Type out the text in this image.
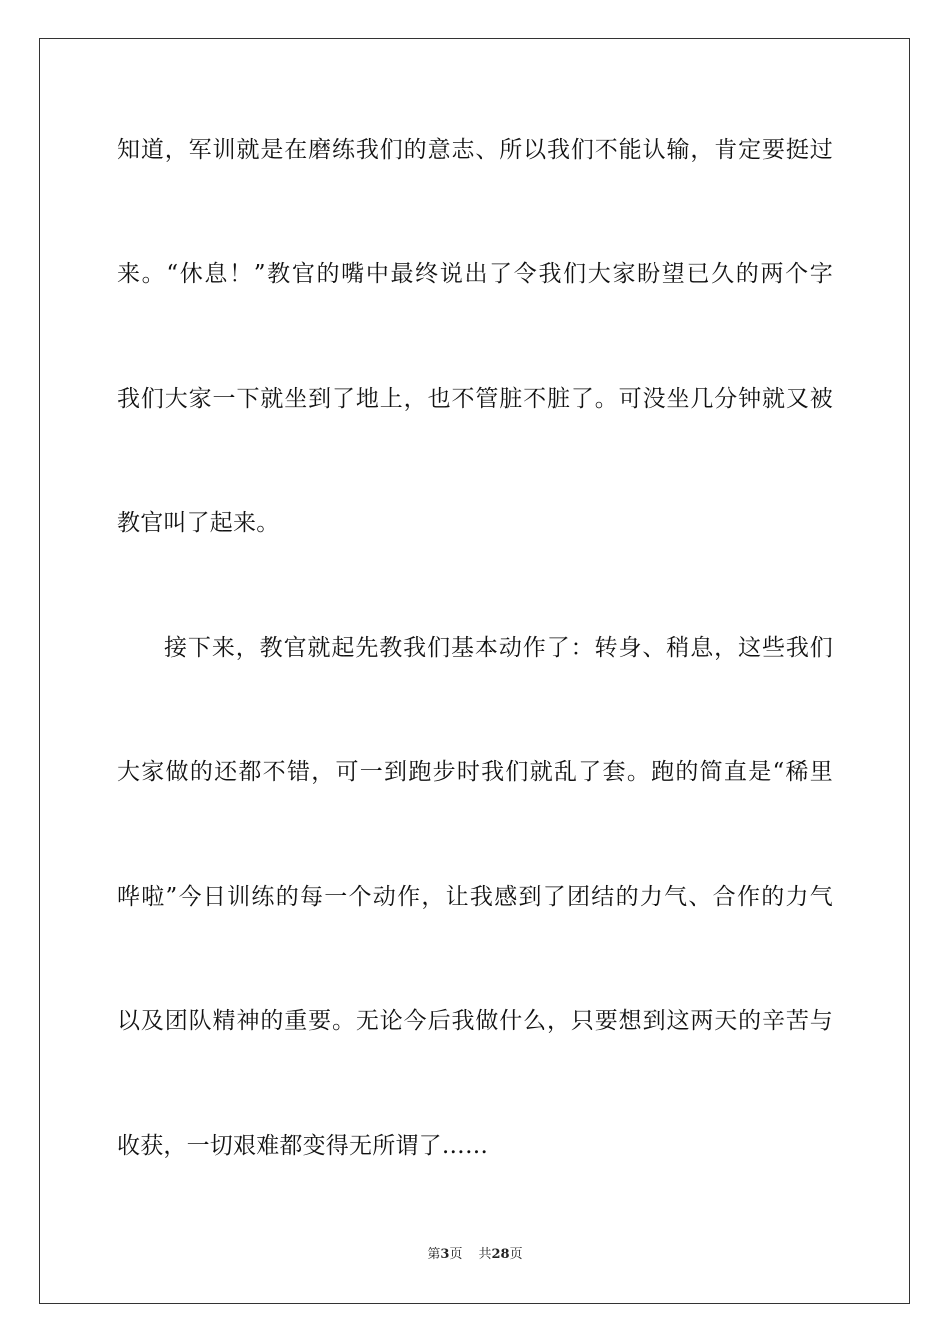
知道，军训就是在磨练我们的意志、所以我们不能认输，肯定要挺过
来。“休息！”教官的嘴中最终说出了令我们大家盼望已久的两个字
我们大家一下就坐到了地上，也不管脏不脏了。可没坐几分钟就又被
教官叫了起来。
接下来，教官就起先教我们基本动作了：转身、稍息，这些我们
大家做的还都不错，可一到跑步时我们就乱了套。跑的简直是“稀里
哗啦”今日训练的每一个动作，让我感到了团结的力气、合作的力气
以及团队精神的重要。无论今后我做什么，只要想到这两天的辛苦与
收获，一切艰难都变得无所谓了……
第3页 共28页
